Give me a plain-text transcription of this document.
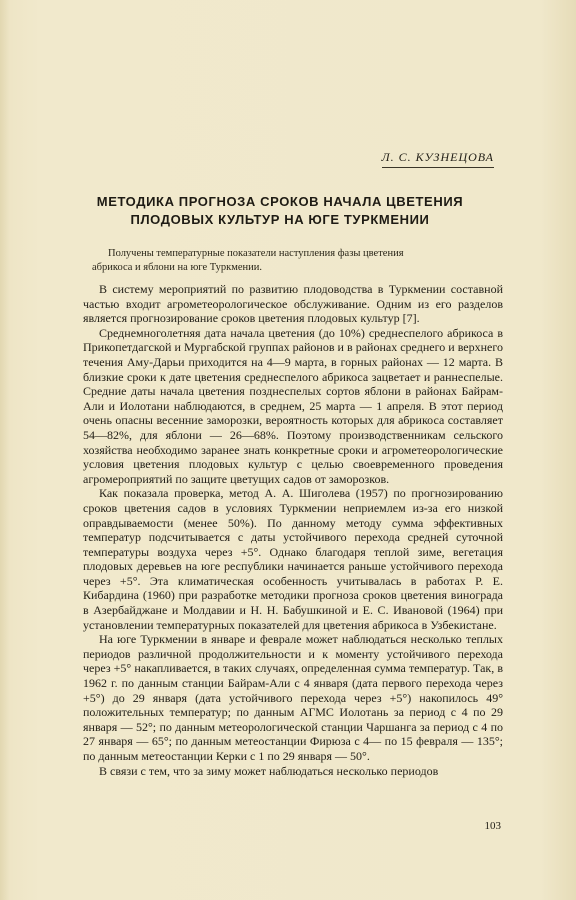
Л. С. КУЗНЕЦОВА
МЕТОДИКА ПРОГНОЗА СРОКОВ НАЧАЛА ЦВЕТЕНИЯ
ПЛОДОВЫХ КУЛЬТУР НА ЮГЕ ТУРКМЕНИИ
Получены температурные показатели наступления фазы цветения
абрикоса и яблони на юге Туркмении.

В систему мероприятий по развитию плодоводства в Туркмении составной частью входит агрометеорологическое обслуживание. Одним из его разделов является прогнозирование сроков цветения плодовых культур [7].

Среднемноголетняя дата начала цветения (до 10%) среднеспелого абрикоса в Прикопетдагской и Мургабской группах районов и в районах среднего и верхнего течения Аму-Дарьи приходится на 4—9 марта, в горных районах — 12 марта. В близкие сроки к дате цветения среднеспелого абрикоса зацветает и раннеспелые. Средние даты начала цветения позднеспелых сортов яблони в районах Байрам-Али и Иолотани наблюдаются, в среднем, 25 марта — 1 апреля. В этот период очень опасны весенние заморозки, вероятность которых для абрикоса составляет 54—82%, для яблони — 26—68%. Поэтому производственникам сельского хозяйства необходимо заранее знать конкретные сроки и агрометеорологические условия цветения плодовых культур с целью своевременного проведения агромероприятий по защите цветущих садов от заморозков.

Как показала проверка, метод А. А. Шиголева (1957) по прогнозированию сроков цветения садов в условиях Туркмении неприемлем из-за его низкой оправдываемости (менее 50%). По данному методу сумма эффективных температур подсчитывается с даты устойчивого перехода средней суточной температуры воздуха через +5°. Однако благодаря теплой зиме, вегетация плодовых деревьев на юге республики начинается раньше устойчивого перехода через +5°. Эта климатическая особенность учитывалась в работах Р. Е. Кибардина (1960) при разработке методики прогноза сроков цветения винограда в Азербайджане и Молдавии и Н. Н. Бабушкиной и Е. С. Ивановой (1964) при установлении температурных показателей для цветения абрикоса в Узбекистане.

На юге Туркмении в январе и феврале может наблюдаться несколько теплых периодов различной продолжительности и к моменту устойчивого перехода через +5° накапливается, в таких случаях, определенная сумма температур. Так, в 1962 г. по данным станции Байрам-Али с 4 января (дата первого перехода через +5°) до 29 января (дата устойчивого перехода через +5°) накопилось 49° положительных температур; по данным АГМС Иолотань за период с 4 по 29 января — 52°; по данным метеорологической станции Чаршанга за период с 4 по 27 января — 65°; по данным метеостанции Фирюза с 4— по 15 февраля — 135°; по данным метеостанции Керки с 1 по 29 января — 50°.

В связи с тем, что за зиму может наблюдаться несколько периодов

103
